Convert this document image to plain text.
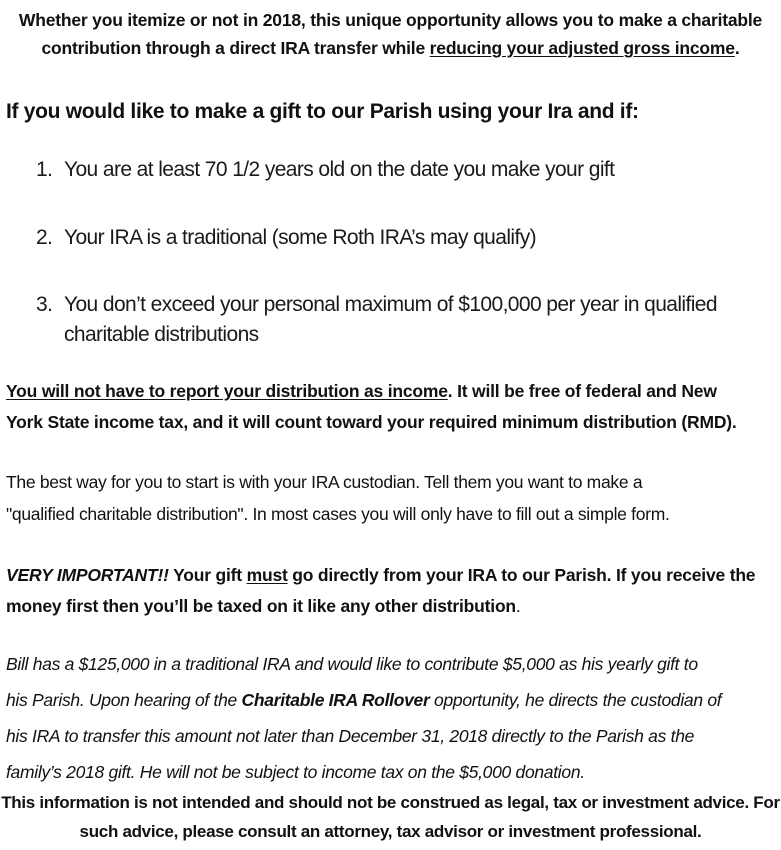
Whether you itemize or not in 2018, this unique opportunity allows you to make a charitable
contribution through a direct IRA transfer while reducing your adjusted gross income.
If you would like to make a gift to our Parish using your Ira and if:
1. You are at least 70 1/2 years old on the date you make your gift
2. Your IRA is a traditional (some Roth IRA’s may qualify)
3. You don’t exceed your personal maximum of $100,000 per year in qualified
charitable distributions
You will not have to report your distribution as income. It will be free of federal and New
York State income tax, and it will count toward your required minimum distribution (RMD).
The best way for you to start is with your IRA custodian. Tell them you want to make a
"qualified charitable distribution". In most cases you will only have to fill out a simple form.
VERY IMPORTANT!! Your gift must go directly from your IRA to our Parish. If you receive the
money first then you’ll be taxed on it like any other distribution.
Bill has a $125,000 in a traditional IRA and would like to contribute $5,000 as his yearly gift to
his Parish. Upon hearing of the Charitable IRA Rollover opportunity, he directs the custodian of
his IRA to transfer this amount not later than December 31, 2018 directly to the Parish as the
family’s 2018 gift. He will not be subject to income tax on the $5,000 donation.
This information is not intended and should not be construed as legal, tax or investment advice. For
such advice, please consult an attorney, tax advisor or investment professional.
